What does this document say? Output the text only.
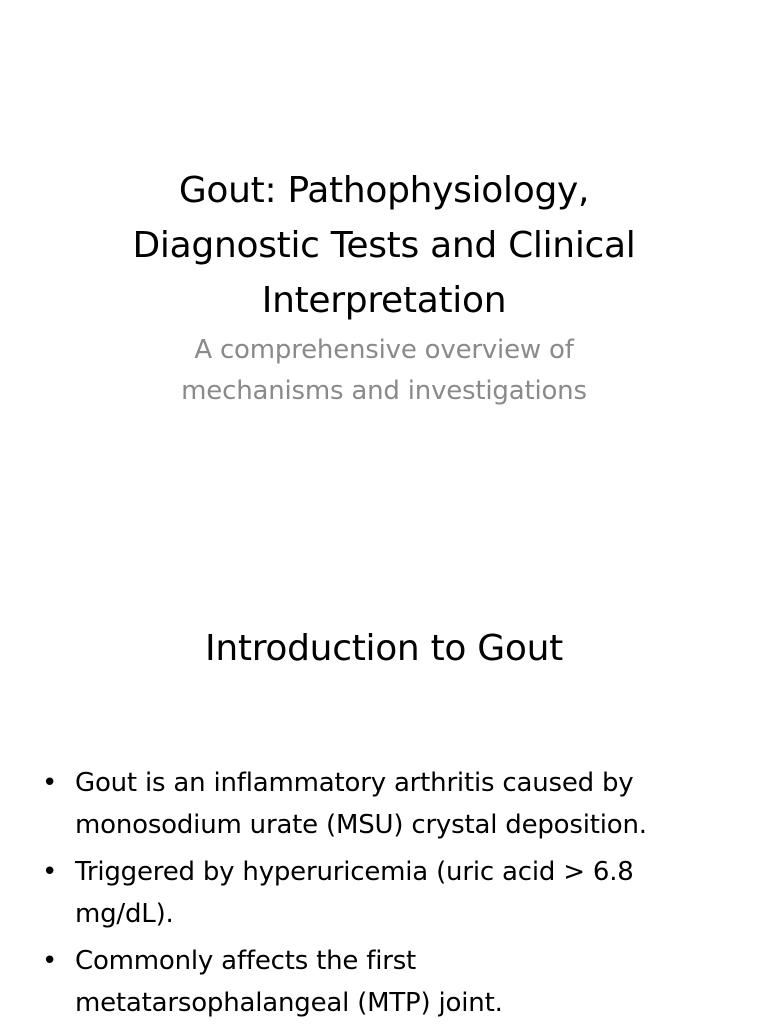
Gout: Pathophysiology,
Diagnostic Tests and Clinical
Interpretation

A comprehensive overview of
mechanisms and investigations

Introduction to Gout
• Gout is an inflammatory arthritis caused by
monosodium urate (MSU) crystal deposition.
• Triggered by hyperuricemia (uric acid > 6.8
mg/dL).
• Commonly affects the first
metatarsophalangeal (MTP) joint.
